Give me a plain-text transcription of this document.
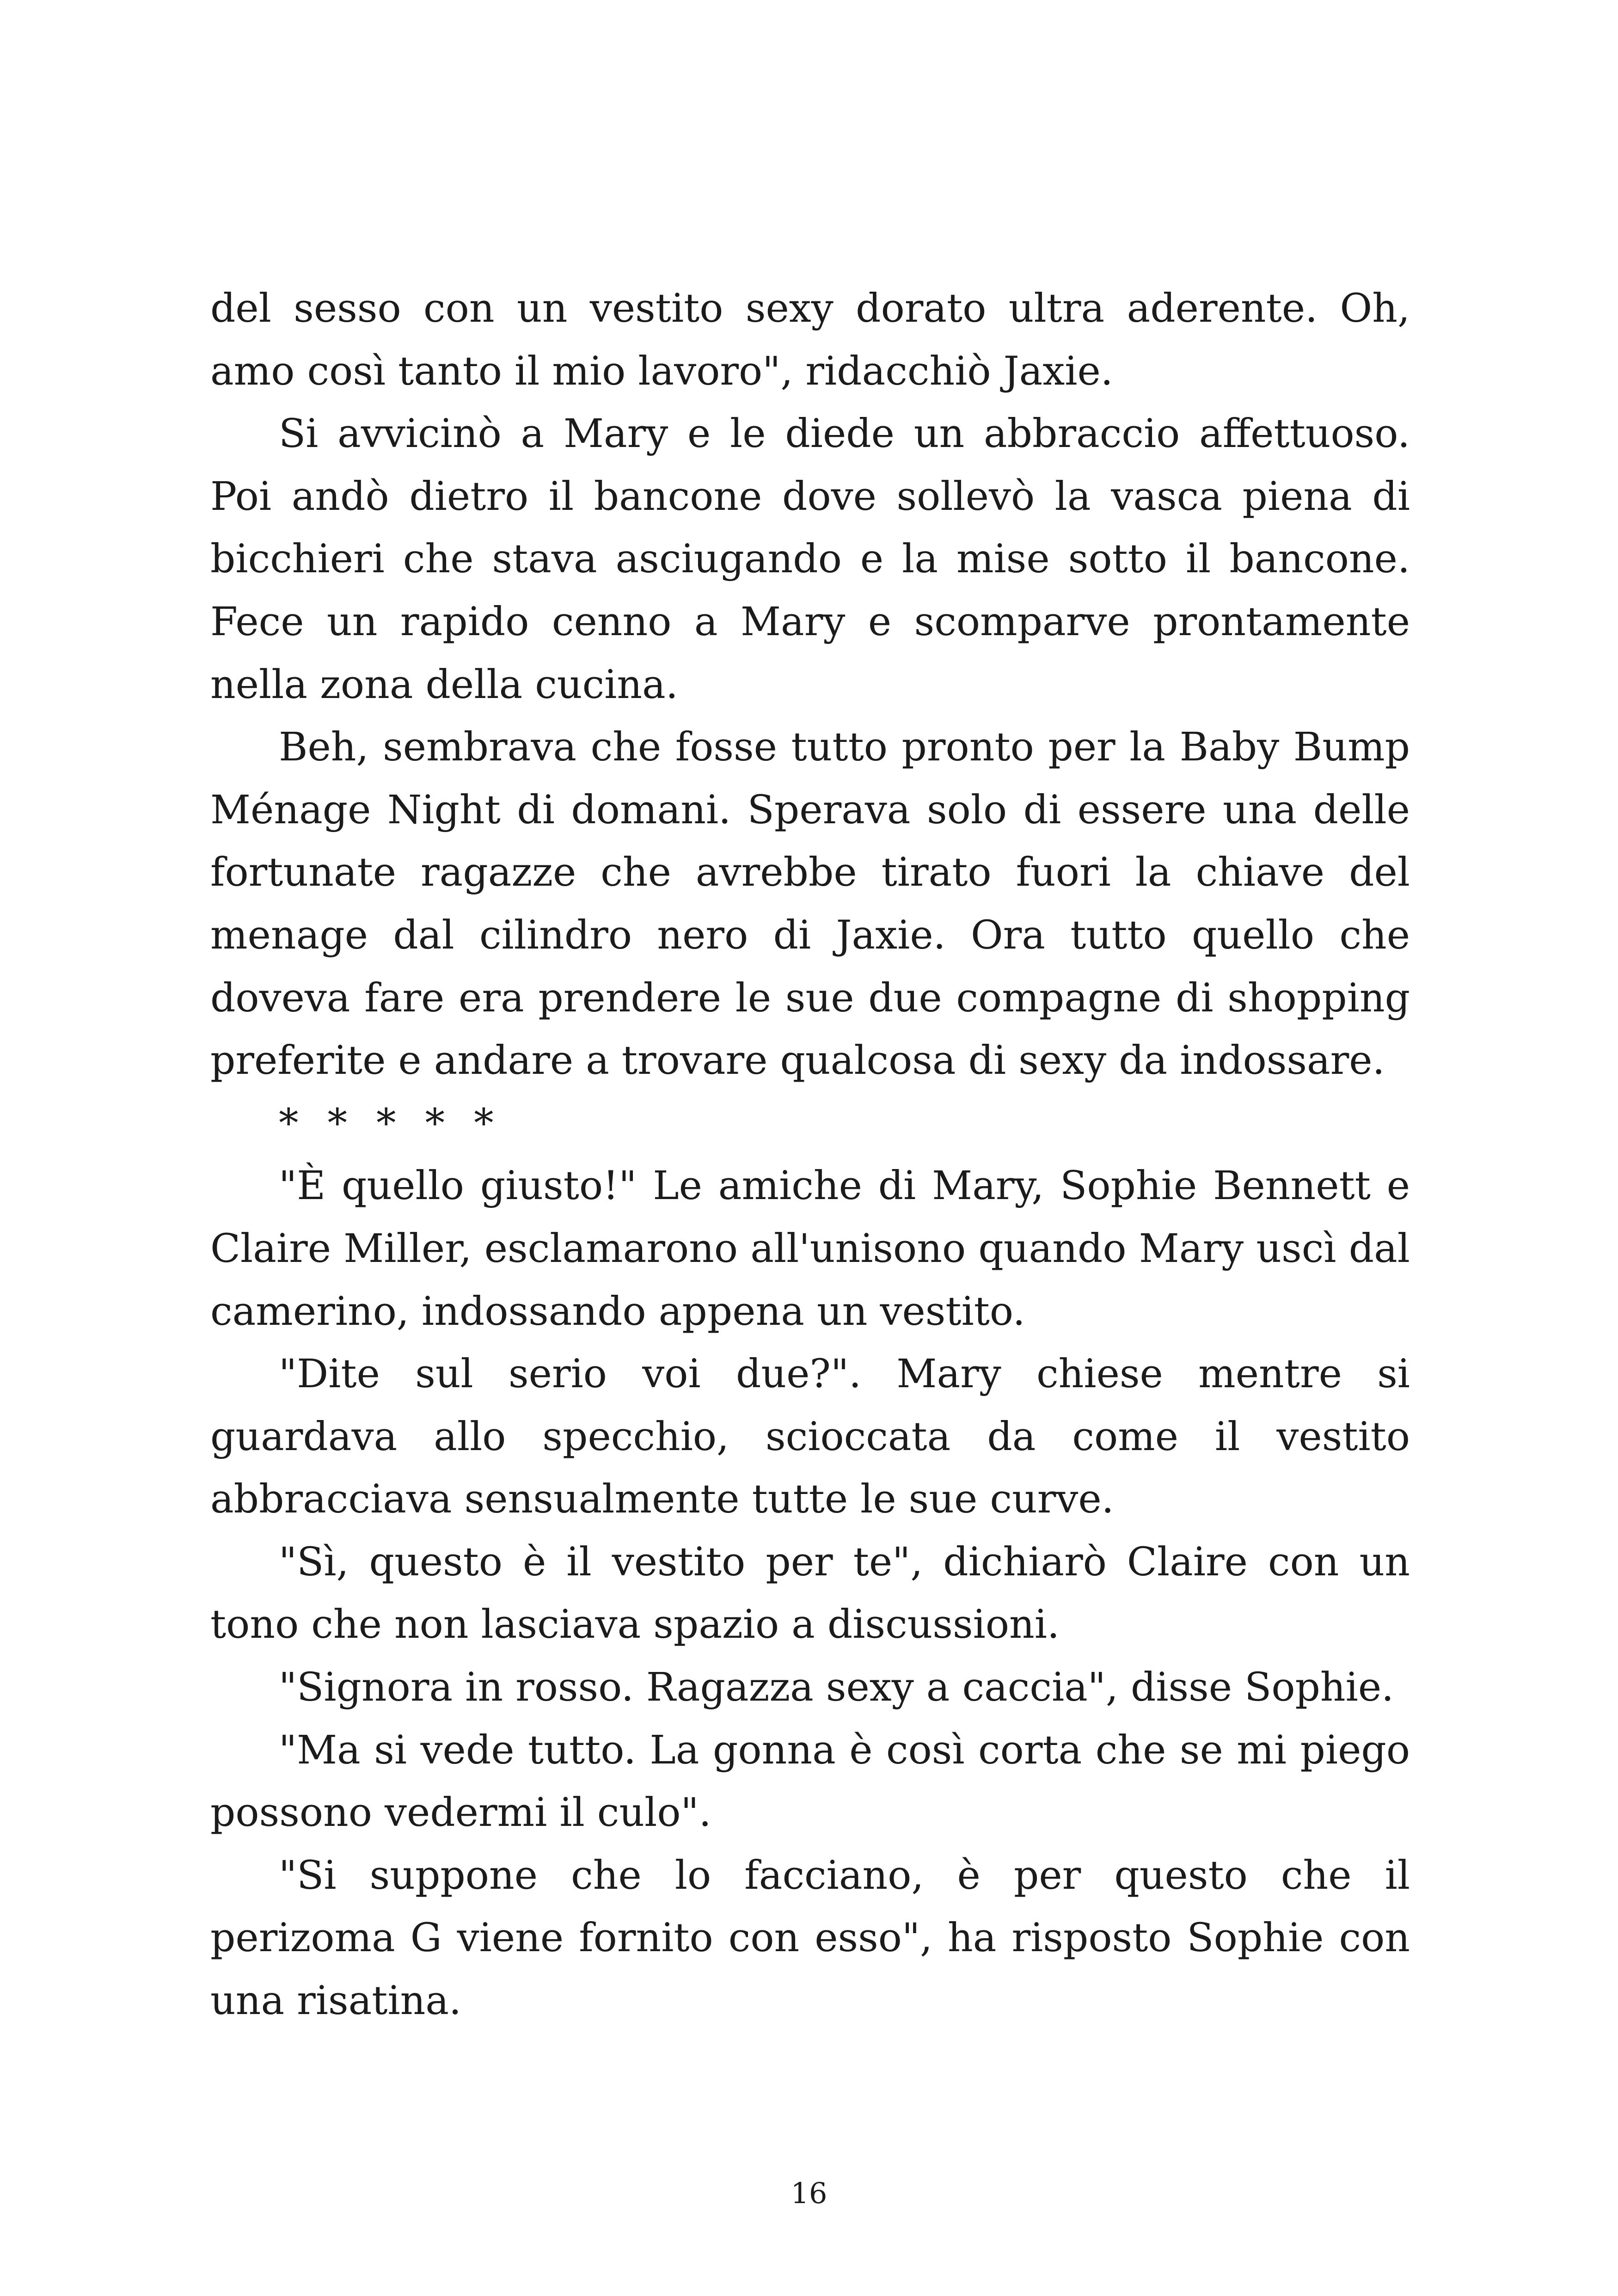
del sesso con un vestito sexy dorato ultra aderente. Oh, amo così tanto il mio lavoro", ridacchiò Jaxie.

Si avvicinò a Mary e le diede un abbraccio affettuoso. Poi andò dietro il bancone dove sollevò la vasca piena di bicchieri che stava asciugando e la mise sotto il bancone. Fece un rapido cenno a Mary e scomparve prontamente nella zona della cucina.

Beh, sembrava che fosse tutto pronto per la Baby Bump Ménage Night di domani. Sperava solo di essere una delle fortunate ragazze che avrebbe tirato fuori la chiave del menage dal cilindro nero di Jaxie. Ora tutto quello che doveva fare era prendere le sue due compagne di shopping preferite e andare a trovare qualcosa di sexy da indossare.

* * * * *

"È quello giusto!" Le amiche di Mary, Sophie Bennett e Claire Miller, esclamarono all'unisono quando Mary uscì dal camerino, indossando appena un vestito.

"Dite sul serio voi due?". Mary chiese mentre si guardava allo specchio, scioccata da come il vestito abbracciava sensualmente tutte le sue curve.

"Sì, questo è il vestito per te", dichiarò Claire con un tono che non lasciava spazio a discussioni.

"Signora in rosso. Ragazza sexy a caccia", disse Sophie.

"Ma si vede tutto. La gonna è così corta che se mi piego possono vedermi il culo".

"Si suppone che lo facciano, è per questo che il perizoma G viene fornito con esso", ha risposto Sophie con una risatina.

16
